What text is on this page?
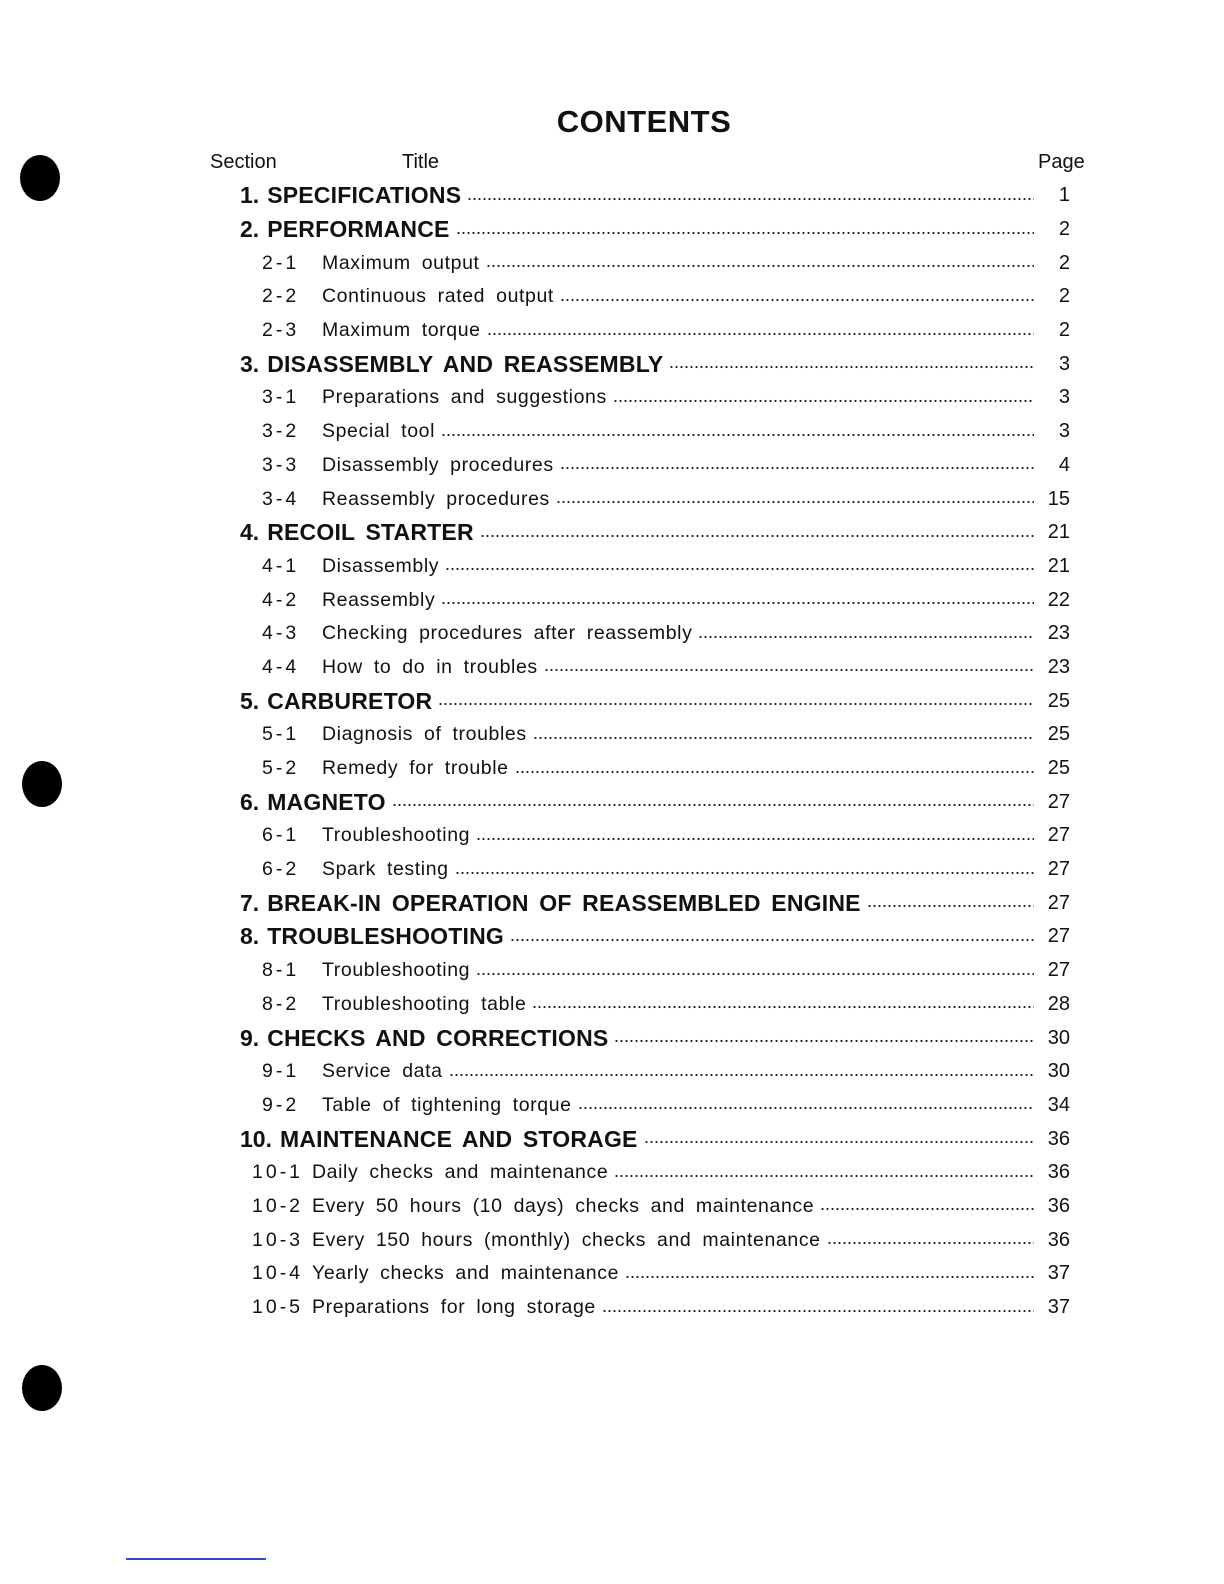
CONTENTS
Section	Title	Page
1. SPECIFICATIONS	1
2. PERFORMANCE	2
2-1	Maximum output	2
2-2	Continuous rated output	2
2-3	Maximum torque	2
3. DISASSEMBLY AND REASSEMBLY	3
3-1	Preparations and suggestions	3
3-2	Special tool	3
3-3	Disassembly procedures	4
3-4	Reassembly procedures	15
4. RECOIL STARTER	21
4-1	Disassembly	21
4-2	Reassembly	22
4-3	Checking procedures after reassembly	23
4-4	How to do in troubles	23
5. CARBURETOR	25
5-1	Diagnosis of troubles	25
5-2	Remedy for trouble	25
6. MAGNETO	27
6-1	Troubleshooting	27
6-2	Spark testing	27
7. BREAK-IN OPERATION OF REASSEMBLED ENGINE	27
8. TROUBLESHOOTING	27
8-1	Troubleshooting	27
8-2	Troubleshooting table	28
9. CHECKS AND CORRECTIONS	30
9-1	Service data	30
9-2	Table of tightening torque	34
10. MAINTENANCE AND STORAGE	36
10-1 Daily checks and maintenance	36
10-2 Every 50 hours (10 days) checks and maintenance	36
10-3 Every 150 hours (monthly) checks and maintenance	36
10-4 Yearly checks and maintenance	37
10-5 Preparations for long storage	37
